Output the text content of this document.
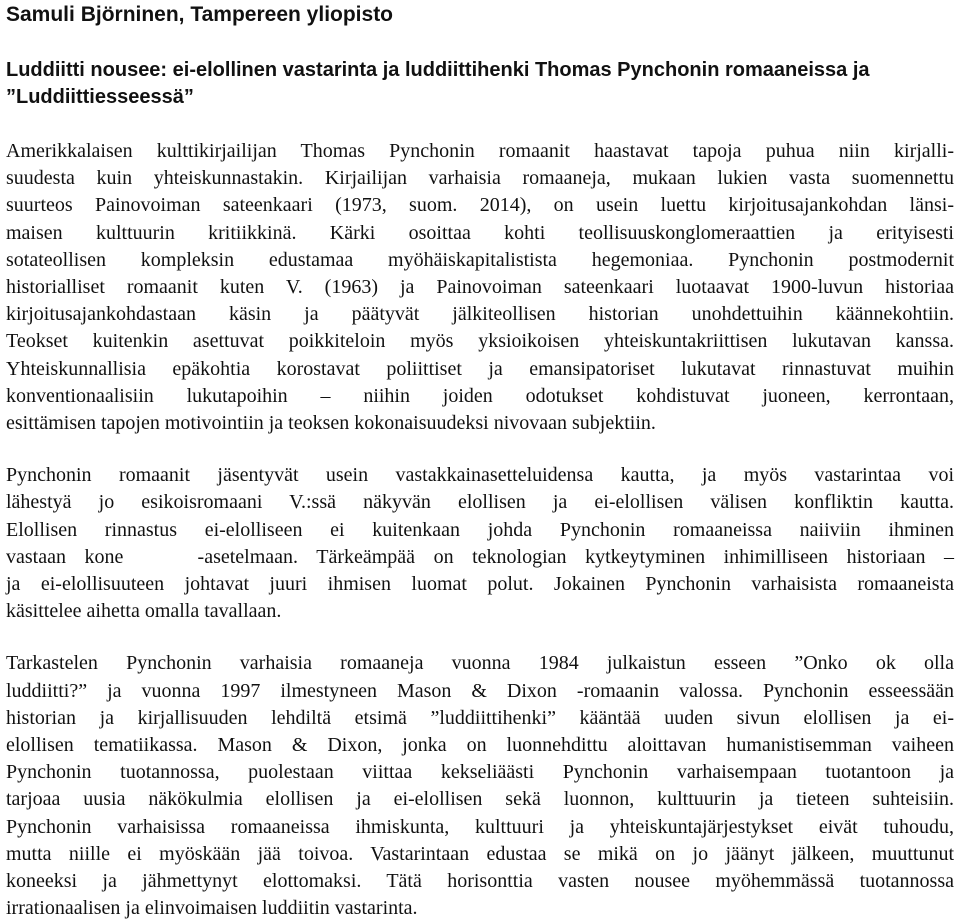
Samuli Björninen, Tampereen yliopisto
Luddiitti nousee: ei-elollinen vastarinta ja luddiittihenki Thomas Pynchonin romaaneissa ja
”Luddiittiesseessä”
Amerikkalaisen kulttikirjailijan Thomas Pynchonin romaanit haastavat tapoja puhua niin kirjalli-
suudesta kuin yhteiskunnastakin. Kirjailijan varhaisia romaaneja, mukaan lukien vasta suomennettu
suurteos Painovoiman sateenkaari (1973, suom. 2014), on usein luettu kirjoitusajankohdan länsi-
maisen kulttuurin kritiikkinä. Kärki osoittaa kohti teollisuuskonglomeraattien ja erityisesti
sotateollisen kompleksin edustamaa myöhäiskapitalistista hegemoniaa. Pynchonin postmodernit
historialliset romaanit kuten V. (1963) ja Painovoiman sateenkaari luotaavat 1900-luvun historiaa
kirjoitusajankohdastaan käsin ja päätyvät jälkiteollisen historian unohdettuihin käännekohtiin.
Teokset kuitenkin asettuvat poikkiteloin myös yksioikoisen yhteiskuntakriittisen lukutavan kanssa.
Yhteiskunnallisia epäkohtia korostavat poliittiset ja emansipatoriset lukutavat rinnastuvat muihin
konventionaalisiin lukutapoihin – niihin joiden odotukset kohdistuvat juoneen, kerrontaan,
esittämisen tapojen motivointiin ja teoksen kokonaisuudeksi nivovaan subjektiin.
Pynchonin romaanit jäsentyvät usein vastakkainasetteluidensa kautta, ja myös vastarintaa voi
lähestyä jo esikoisromaani V.:ssä näkyvän elollisen ja ei-elollisen välisen konfliktin kautta.
Elollisen rinnastus ei-elolliseen ei kuitenkaan johda Pynchonin romaaneissa naiiviin ihminen
vastaan kone    -asetelmaan. Tärkeämpää on teknologian kytkeytyminen inhimilliseen historiaan –
ja ei-elollisuuteen johtavat juuri ihmisen luomat polut. Jokainen Pynchonin varhaisista romaaneista
käsittelee aihetta omalla tavallaan.
Tarkastelen Pynchonin varhaisia romaaneja vuonna 1984 julkaistun esseen ”Onko ok olla
luddiitti?” ja vuonna 1997 ilmestyneen Mason & Dixon -romaanin valossa. Pynchonin esseessään
historian ja kirjallisuuden lehdiltä etsimä ”luddiittihenki” kääntää uuden sivun elollisen ja ei-
elollisen tematiikassa. Mason & Dixon, jonka on luonnehdittu aloittavan humanistisemman vaiheen
Pynchonin tuotannossa, puolestaan viittaa kekseliäästi Pynchonin varhaisempaan tuotantoon ja
tarjoaa uusia näkökulmia elollisen ja ei-elollisen sekä luonnon, kulttuurin ja tieteen suhteisiin.
Pynchonin varhaisissa romaaneissa ihmiskunta, kulttuuri ja yhteiskuntajärjestykset eivät tuhoudu,
mutta niille ei myöskään jää toivoa. Vastarintaan edustaa se mikä on jo jäänyt jälkeen, muuttunut
koneeksi ja jähmettynyt elottomaksi. Tätä horisonttia vasten nousee myöhemmässä tuotannossa
irrationaalisen ja elinvoimaisen luddiitin vastarinta.
